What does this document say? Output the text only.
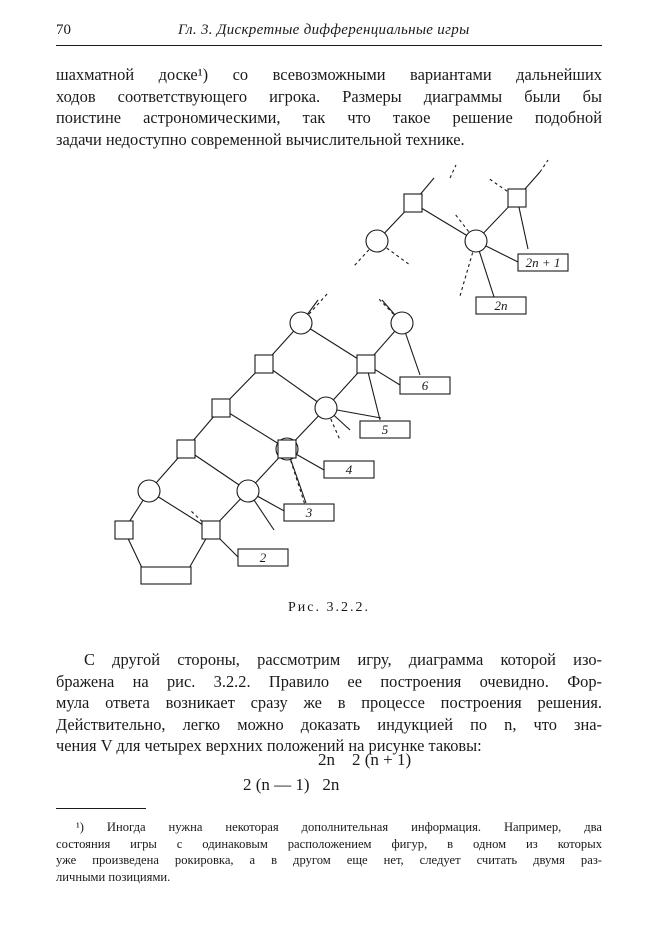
70	Гл. 3. Дискретные дифференциальные игры
шахматной доске¹) со всевозможными вариантами дальнейших
ходов соответствующего игрока. Размеры диаграммы были бы
поистине астрономическими, так что такое решение подобной
задачи недоступно современной вычислительной технике.
2
3
4
5
6
2n
2n + 1
Рис. 3.2.2.
С другой стороны, рассмотрим игру, диаграмма которой изо-
бражена на рис. 3.2.2. Правило ее построения очевидно. Фор-
мула ответа возникает сразу же в процессе построения решения.
Действительно, легко можно доказать индукцией по n, что зна-
чения V для четырех верхних положений на рисунке таковы:
2n    2 (n + 1)
2 (n — 1)   2n
¹) Иногда нужна некоторая дополнительная информация. Например, два
состояния игры с одинаковым расположением фигур, в одном из которых
уже произведена рокировка, а в другом еще нет, следует считать двумя раз-
личными позициями.
